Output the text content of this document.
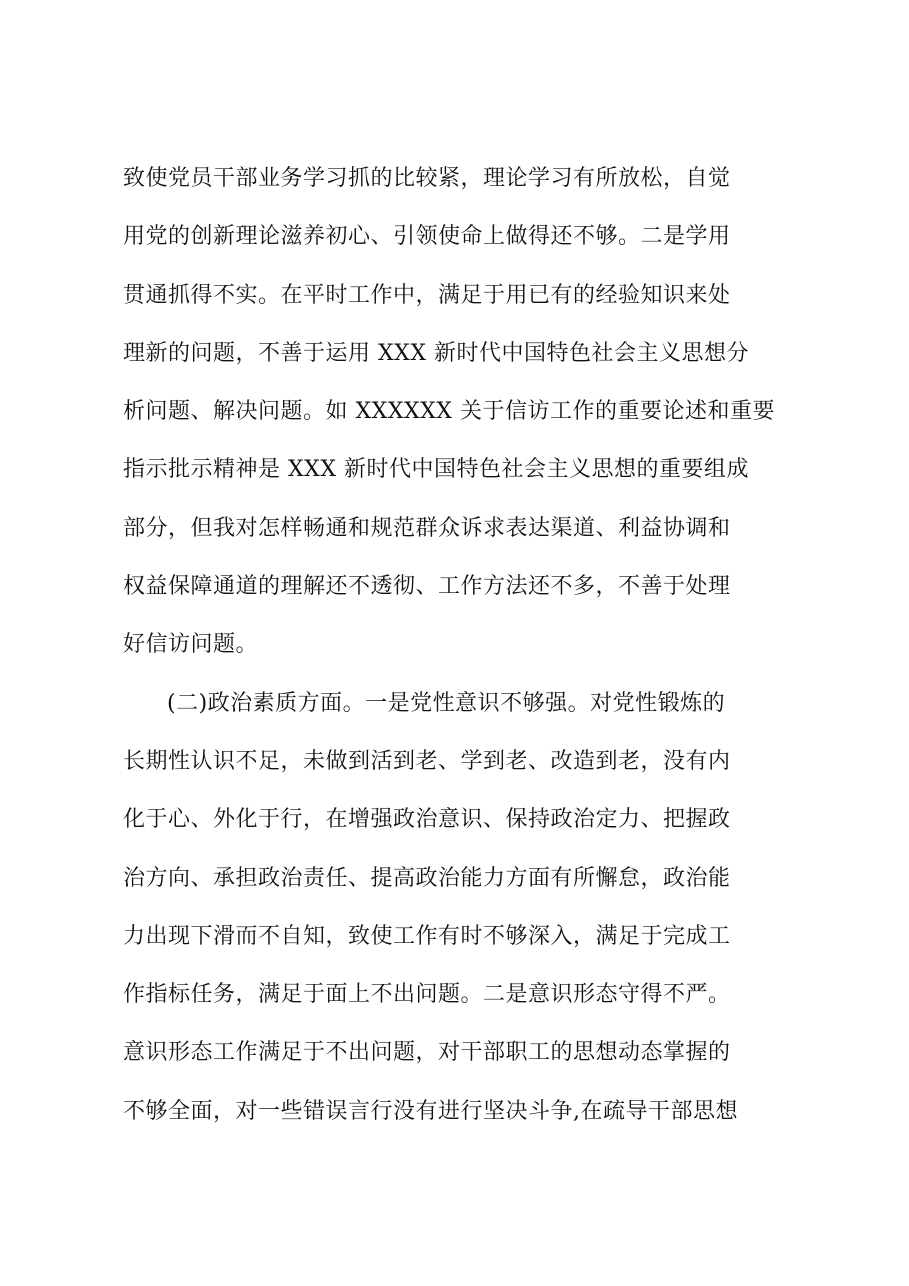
致使党员干部业务学习抓的比较紧，理论学习有所放松，自觉
用党的创新理论滋养初心、引领使命上做得还不够。二是学用
贯通抓得不实。在平时工作中，满足于用已有的经验知识来处
理新的问题，不善于运用 XXX 新时代中国特色社会主义思想分
析问题、解决问题。如 XXXXXX 关于信访工作的重要论述和重要
指示批示精神是 XXX 新时代中国特色社会主义思想的重要组成
部分，但我对怎样畅通和规范群众诉求表达渠道、利益协调和
权益保障通道的理解还不透彻、工作方法还不多，不善于处理
好信访问题。
(二)政治素质方面。一是党性意识不够强。对党性锻炼的
长期性认识不足，未做到活到老、学到老、改造到老，没有内
化于心、外化于行，在增强政治意识、保持政治定力、把握政
治方向、承担政治责任、提高政治能力方面有所懈怠，政治能
力出现下滑而不自知，致使工作有时不够深入，满足于完成工
作指标任务，满足于面上不出问题。二是意识形态守得不严。
意识形态工作满足于不出问题，对干部职工的思想动态掌握的
不够全面，对一些错误言行没有进行坚决斗争,在疏导干部思想
